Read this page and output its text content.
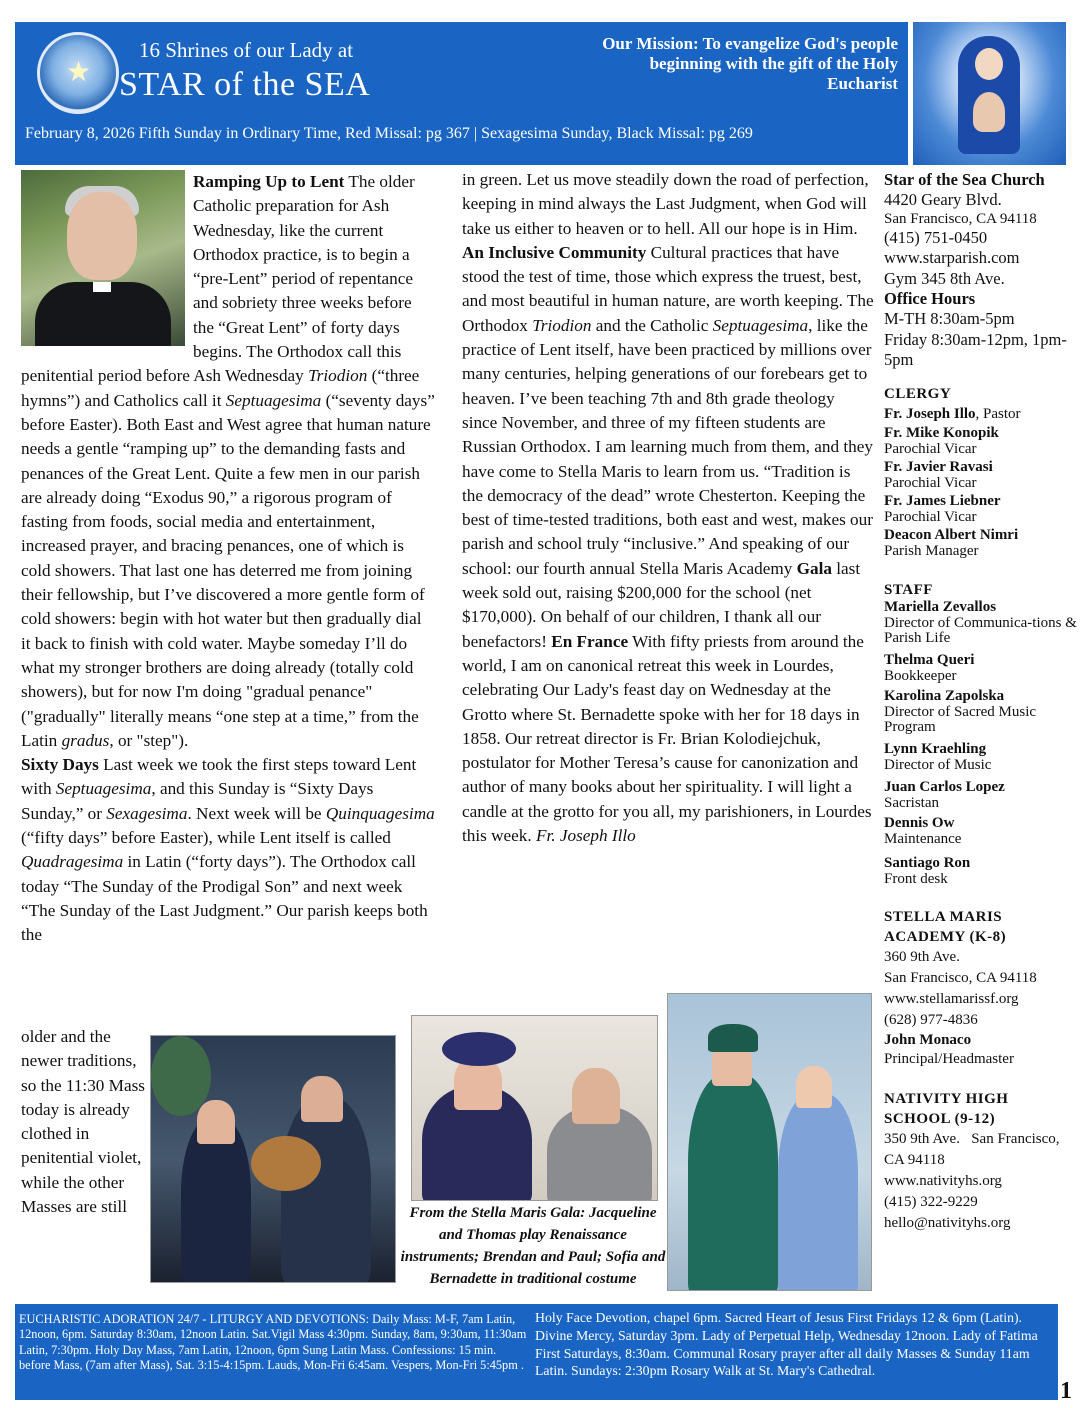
★
16 Shrines of our Lady at
STAR of the SEA
Our Mission: To evangelize God's people beginning with the gift of the Holy Eucharist
February 8, 2026 Fifth Sunday in Ordinary Time, Red Missal: pg 367 | Sexagesima Sunday, Black Missal: pg 269

Ramping Up to Lent The older Catholic preparation for Ash Wednesday, like the current Orthodox practice, is to begin a “pre-Lent” period of repentance and sobriety three weeks before the “Great Lent” of forty days begins. The Orthodox call this penitential period before Ash Wednesday Triodion (“three hymns”) and Catholics call it Septuagesima (“seventy days” before Easter). Both East and West agree that human nature needs a gentle “ramping up” to the demanding fasts and penances of the Great Lent. Quite a few men in our parish are already doing “Exodus 90,” a rigorous program of fasting from foods, social media and entertainment, increased prayer, and bracing penances, one of which is cold showers. That last one has deterred me from joining their fellowship, but I’ve discovered a more gentle form of cold showers: begin with hot water but then gradually dial it back to finish with cold water. Maybe someday I’ll do what my stronger brothers are doing already (totally cold showers), but for now I'm doing "gradual penance" ("gradually" literally means “one step at a time,” from the Latin gradus, or "step").

Sixty Days Last week we took the first steps toward Lent with Septuagesima, and this Sunday is “Sixty Days Sunday,” or Sexagesima. Next week will be Quinquagesima (“fifty days” before Easter), while Lent itself is called Quadragesima in Latin (“forty days”). The Orthodox call today “The Sunday of the Prodigal Son” and next week “The Sunday of the Last Judgment.” Our parish keeps both the

older and the newer traditions, so the 11:30 Mass today is already clothed in penitential violet, while the other Masses are still

in green. Let us move steadily down the road of perfection, keeping in mind always the Last Judgment, when God will take us either to heaven or to hell. All our hope is in Him.

An Inclusive Community Cultural practices that have stood the test of time, those which express the truest, best, and most beautiful in human nature, are worth keeping. The Orthodox Triodion and the Catholic Septuagesima, like the practice of Lent itself, have been practiced by millions over many centuries, helping generations of our forebears get to heaven. I’ve been teaching 7th and 8th grade theology since November, and three of my fifteen students are Russian Orthodox. I am learning much from them, and they have come to Stella Maris to learn from us. “Tradition is the democracy of the dead” wrote Chesterton. Keeping the best of time-tested traditions, both east and west, makes our parish and school truly “inclusive.” And speaking of our school: our fourth annual Stella Maris Academy Gala last week sold out, raising $200,000 for the school (net $170,000). On behalf of our children, I thank all our benefactors! En France With fifty priests from around the world, I am on canonical retreat this week in Lourdes, celebrating Our Lady's feast day on Wednesday at the Grotto where St. Bernadette spoke with her for 18 days in 1858. Our retreat director is Fr. Brian Kolodiejchuk, postulator for Mother Teresa’s cause for canonization and author of many books about her spirituality. I will light a candle at the grotto for you all, my parishioners, in Lourdes this week. Fr. Joseph Illo

From the Stella Maris Gala: Jacqueline and Thomas play Renaissance instruments; Brendan and Paul; Sofia and Bernadette in traditional costume
Star of the Sea Church
4420 Geary Blvd.
San Francisco, CA 94118
(415) 751-0450
www.starparish.com
Gym 345 8th Ave.
Office Hours
M-TH 8:30am-5pm
Friday 8:30am-12pm, 1pm-5pm
CLERGY
Fr. Joseph Illo, Pastor
Fr. Mike Konopik
Parochial Vicar
Fr. Javier Ravasi
Parochial Vicar
Fr. James Liebner
Parochial Vicar
Deacon Albert Nimri
Parish Manager
STAFF
Mariella Zevallos
Director of Communica-tions & Parish Life
Thelma Queri
Bookkeeper
Karolina Zapolska
Director of Sacred Music Program
Lynn Kraehling
Director of Music
Juan Carlos Lopez
Sacristan
Dennis Ow
Maintenance
Santiago Ron
Front desk
STELLA MARIS ACADEMY (K-8)
360 9th Ave.
San Francisco, CA 94118
www.stellamarissf.org
(628) 977-4836
John Monaco
Principal/Headmaster
NATIVITY HIGH SCHOOL (9-12)
350 9th Ave.   San Francisco, CA 94118
www.nativityhs.org
(415) 322-9229
hello@nativityhs.org
EUCHARISTIC ADORATION 24/7 - LITURGY AND DEVOTIONS: Daily Mass: M-F, 7am Latin, 12noon, 6pm. Saturday 8:30am, 12noon Latin. Sat.Vigil Mass 4:30pm. Sunday, 8am, 9:30am, 11:30am Latin, 7:30pm. Holy Day Mass, 7am Latin, 12noon, 6pm Sung Latin Mass. Confessions: 15 min. before Mass, (7am after Mass), Sat. 3:15-4:15pm. Lauds, Mon-Fri 6:45am. Vespers, Mon-Fri 5:45pm .
Holy Face Devotion, chapel 6pm. Sacred Heart of Jesus First Fridays 12 & 6pm (Latin). Divine Mercy, Saturday 3pm. Lady of Perpetual Help, Wednesday 12noon. Lady of Fatima First Saturdays, 8:30am. Communal Rosary prayer after all daily Masses & Sunday 11am Latin. Sundays: 2:30pm Rosary Walk at St. Mary's Cathedral.
1
